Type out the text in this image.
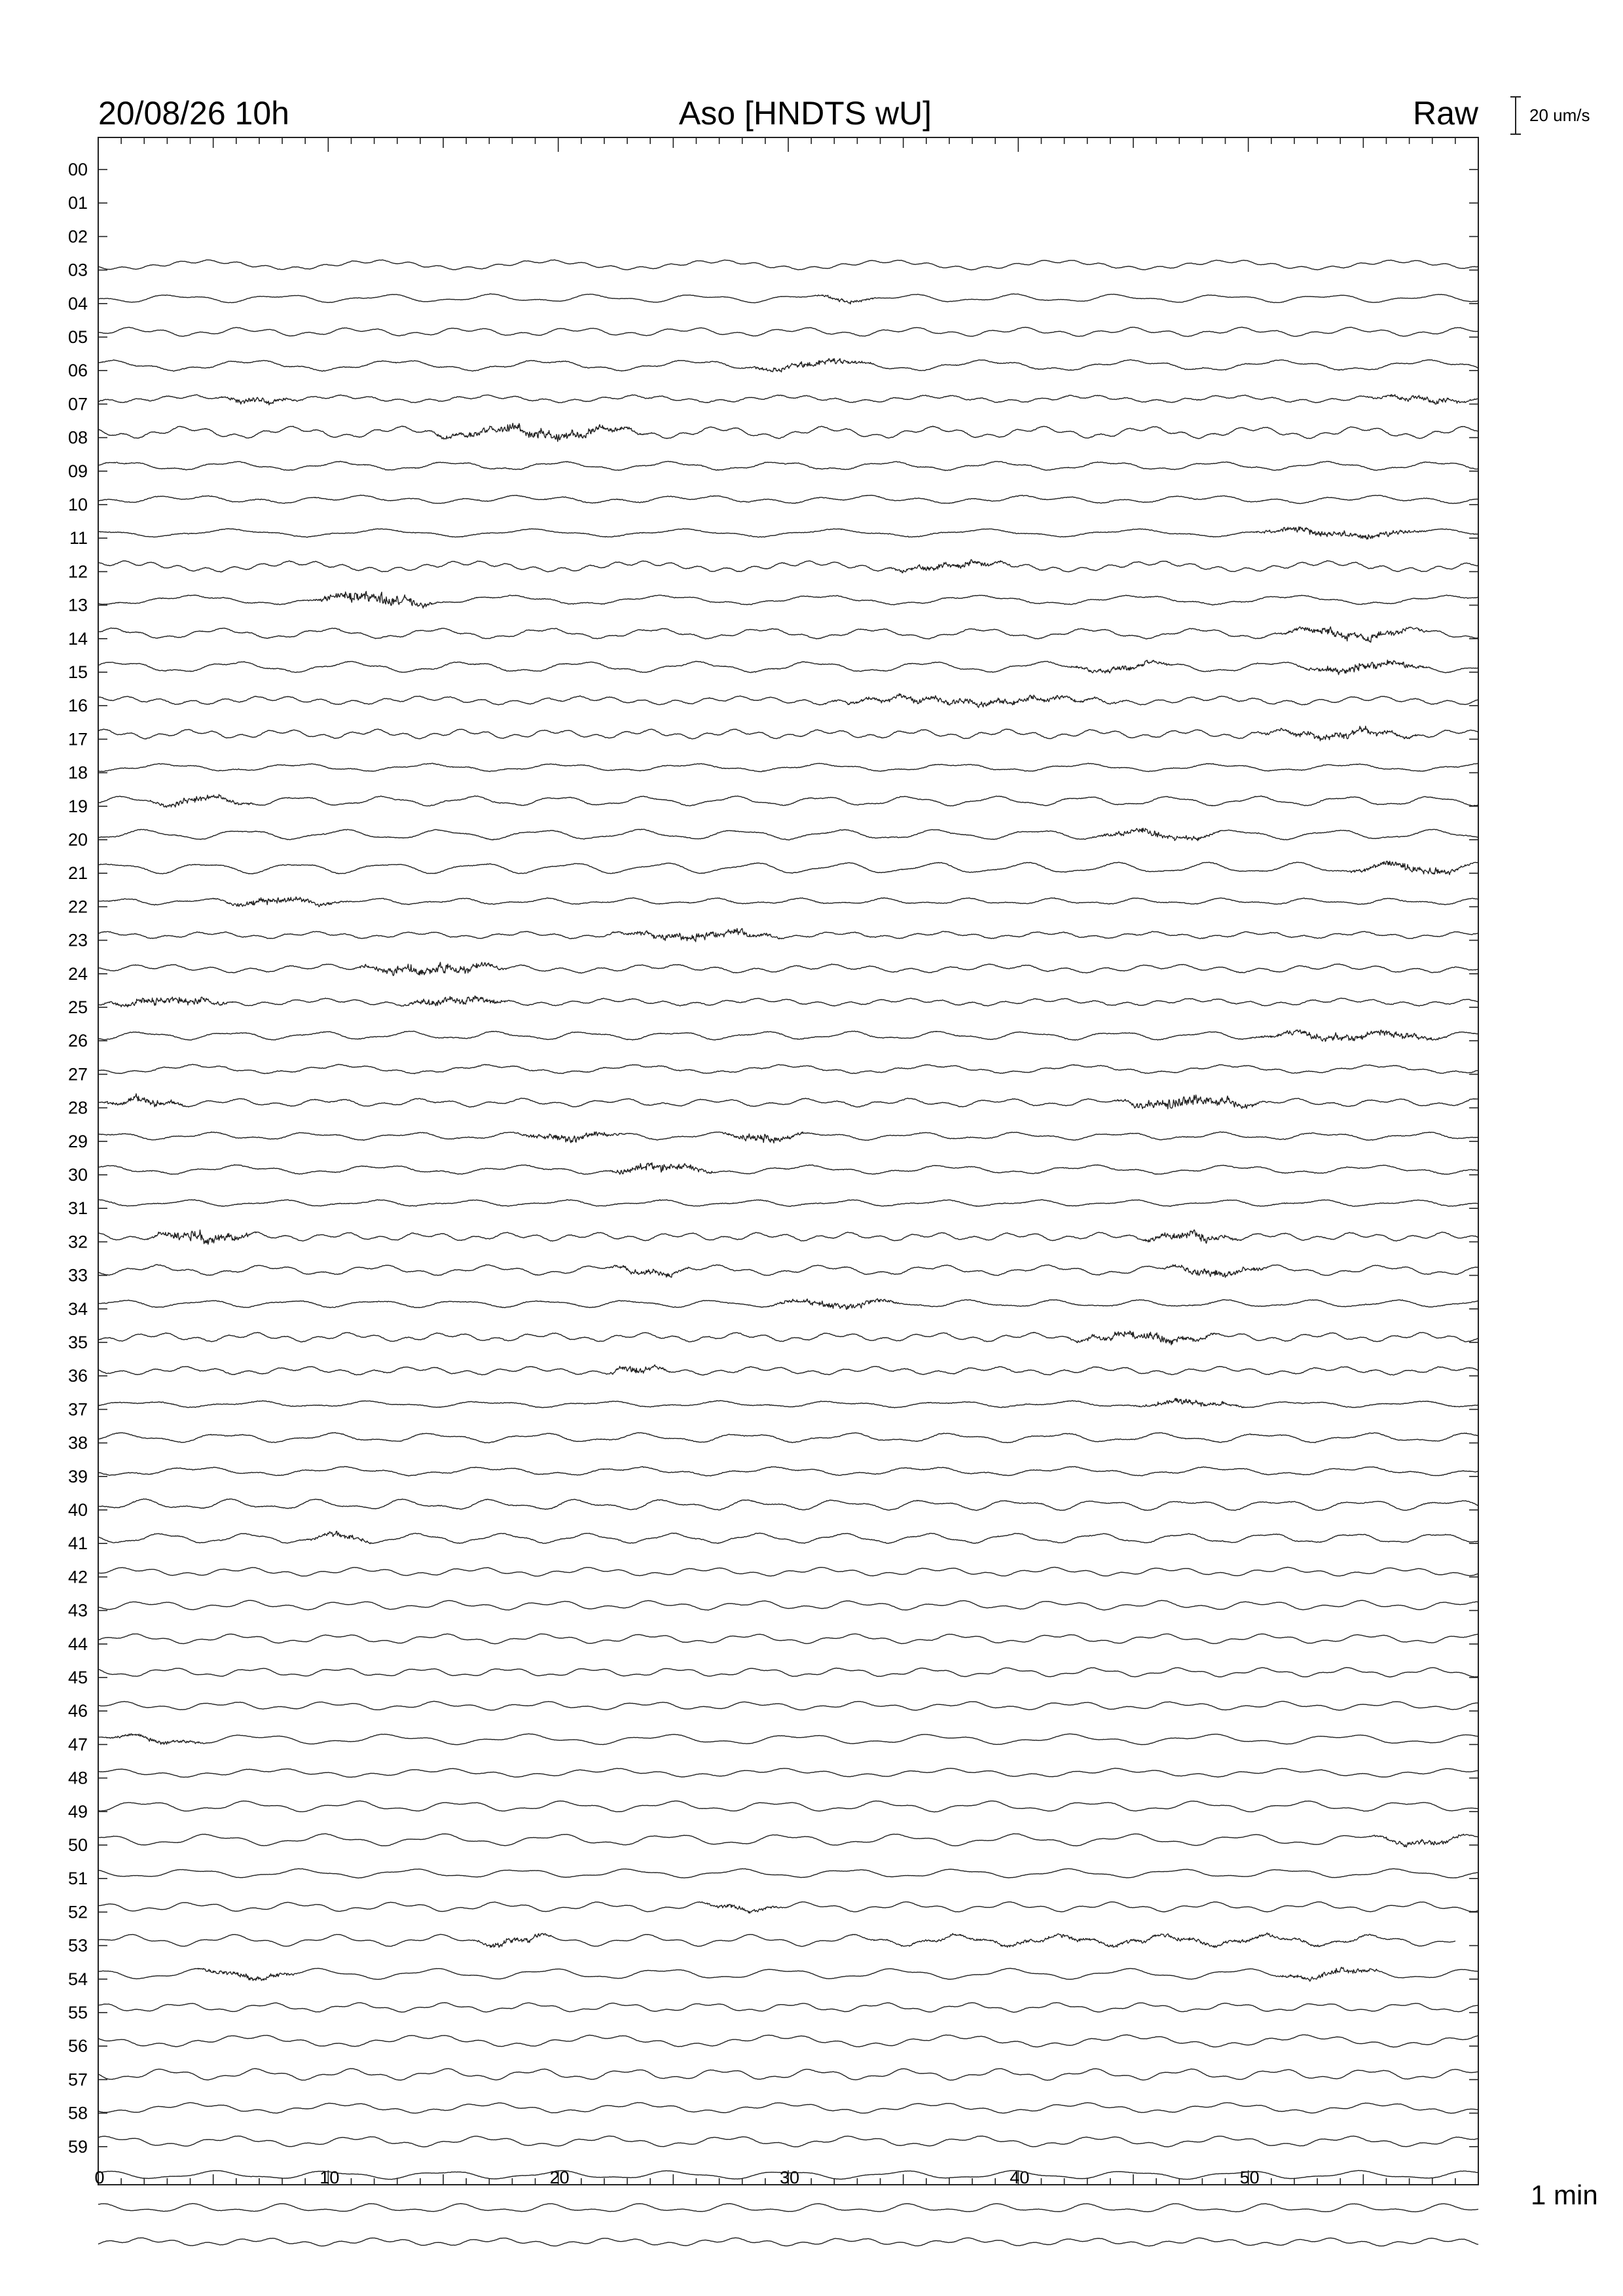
20/08/26 10h	Aso [HNDTS wU]	Raw	20 um/s
1 min
00
01
02
03
04
05
06
07
08
09
10
11
12
13
14
15
16
17
18
19
20
21
22
23
24
25
26
27
28
29
30
31
32
33
34
35
36
37
38
39
40
41
42
43
44
45
46
47
48
49
50
51
52
53
54
55
56
57
58
59
0	10	20	30	40	50
